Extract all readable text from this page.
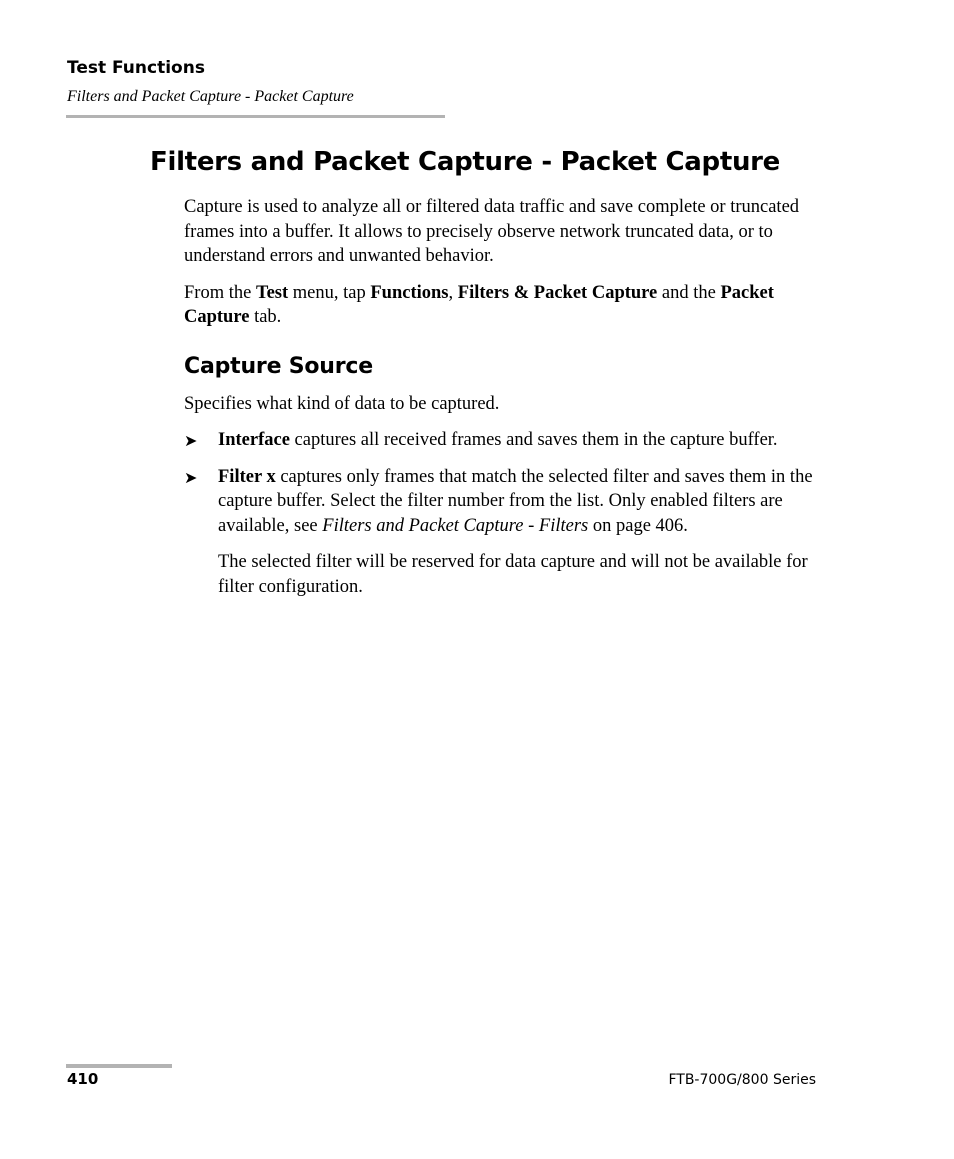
Test Functions
Filters and Packet Capture - Packet Capture
Filters and Packet Capture - Packet Capture

Capture is used to analyze all or filtered data traffic and save complete or truncated frames into a buffer. It allows to precisely observe network truncated data, or to understand errors and unwanted behavior.

From the Test menu, tap Functions, Filters & Packet Capture and the Packet Capture tab.

Capture Source

Specifies what kind of data to be captured.

➤ Interface captures all received frames and saves them in the capture buffer.
➤ Filter x captures only frames that match the selected filter and saves them in the capture buffer. Select the filter number from the list. Only enabled filters are available, see Filters and Packet Capture - Filters on page 406.

The selected filter will be reserved for data capture and will not be available for filter configuration.

410	FTB-700G/800 Series
